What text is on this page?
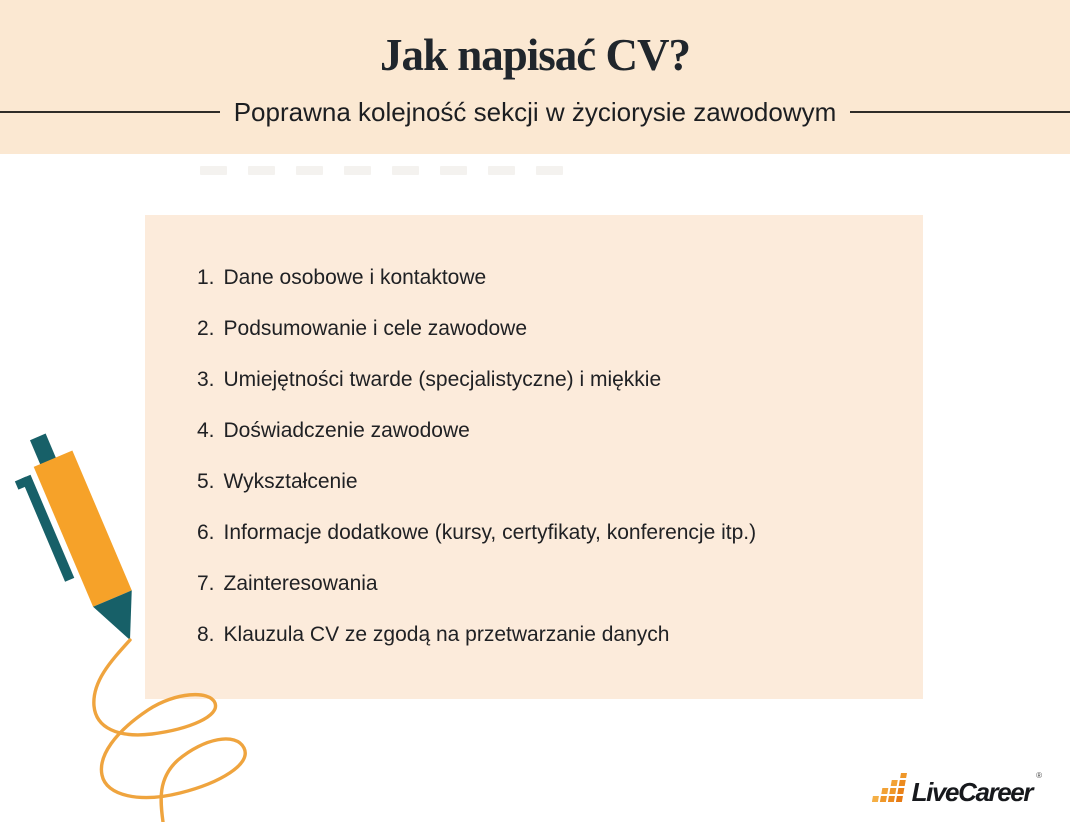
Jak napisać CV?
Poprawna kolejność sekcji w życiorysie zawodowym
1. Dane osobowe i kontaktowe
2. Podsumowanie i cele zawodowe
3. Umiejętności twarde (specjalistyczne) i miękkie
4. Doświadczenie zawodowe
5. Wykształcenie
6. Informacje dodatkowe (kursy, certyfikaty, konferencje itp.)
7. Zainteresowania
8. Klauzula CV ze zgodą na przetwarzanie danych
LiveCareer
®
